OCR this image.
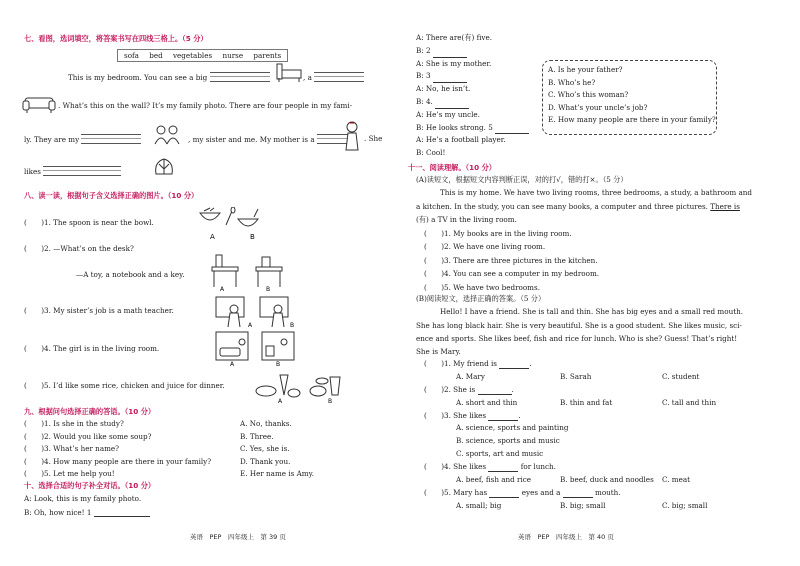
七、看图，选词填空，将答案书写在四线三格上。（5 分）
sofa bed vegetables nurse parents
This is my bedroom. You can see a big	, a
. What’s this on the wall? It’s my family photo. There are four people in my fami-
ly. They are my	, my sister and me. My mother is a	. She
likes
八、读一读，根据句子含义选择正确的图片。（10 分）
(　　)1. The spoon is near the bowl.
A	B
(　　)2. —What’s on the desk?
—A toy, a notebook and a key.
A	B
(　　)3. My sister’s job is a math teacher.
A	B
(　　)4. The girl is in the living room.
A	B
(　　)5. I’d like some rice, chicken and juice for dinner.
A	B
九、根据问句选择正确的答语。（10 分）
(　　)1. Is she in the study?
(　　)2. Would you like some soup?
(　　)3. What’s her name?
(　　)4. How many people are there in your family?
(　　)5. Let me help you!
A. No, thanks.
B. Three.
C. Yes, she is.
D. Thank you.
E. Her name is Amy.
十、选择合适的句子补全对话。（10 分）
A: Look, this is my family photo.
B: Oh, how nice! 1
英语　PEP　四年级上　第 39 页
A: There are(有) five.
B: 2
A: She is my mother.
B: 3
A: No, he isn’t.
B: 4.
A: He’s my uncle.
B: He looks strong. 5
A: He’s a football player.
B: Cool!
A. Is he your father?
B. Who’s he?
C. Who’s this woman?
D. What’s your uncle’s job?
E. How many people are there in your family?
十一、阅读理解。（10 分）
(A)读短文，根据短文内容判断正误，对的打√，错的打×。（5 分）
This is my home. We have two living rooms, three bedrooms, a study, a bathroom and
a kitchen. In the study, you can see many books, a computer and three pictures. There is
(有) a TV in the living room.
(　　)1. My books are in the living room.
(　　)2. We have one living room.
(　　)3. There are three pictures in the kitchen.
(　　)4. You can see a computer in my bedroom.
(　　)5. We have two bedrooms.
(B)阅读短文，选择正确的答案。（5 分）
Hello! I have a friend. She is tall and thin. She has big eyes and a small red mouth.
She has long black hair. She is very beautiful. She is a good student. She likes music, sci-
ence and sports. She likes beef, fish and rice for lunch. Who is she? Guess! That’s right!
She is Mary.
(　　)1. My friend is	.
A. Mary	B. Sarah	C. student
(　　)2. She is	.
A. short and thin	B. thin and fat	C. tall and thin
(　　)3. She likes	.
A. science, sports and painting
B. science, sports and music
C. sports, art and music
(　　)4. She likes	for lunch.
A. beef, fish and rice	B. beef, duck and noodles C. meat
(　　)5. Mary has	eyes and a	mouth.
A. small; big	B. big; small	C. big; small
英语　PEP　四年级上　第 40 页
